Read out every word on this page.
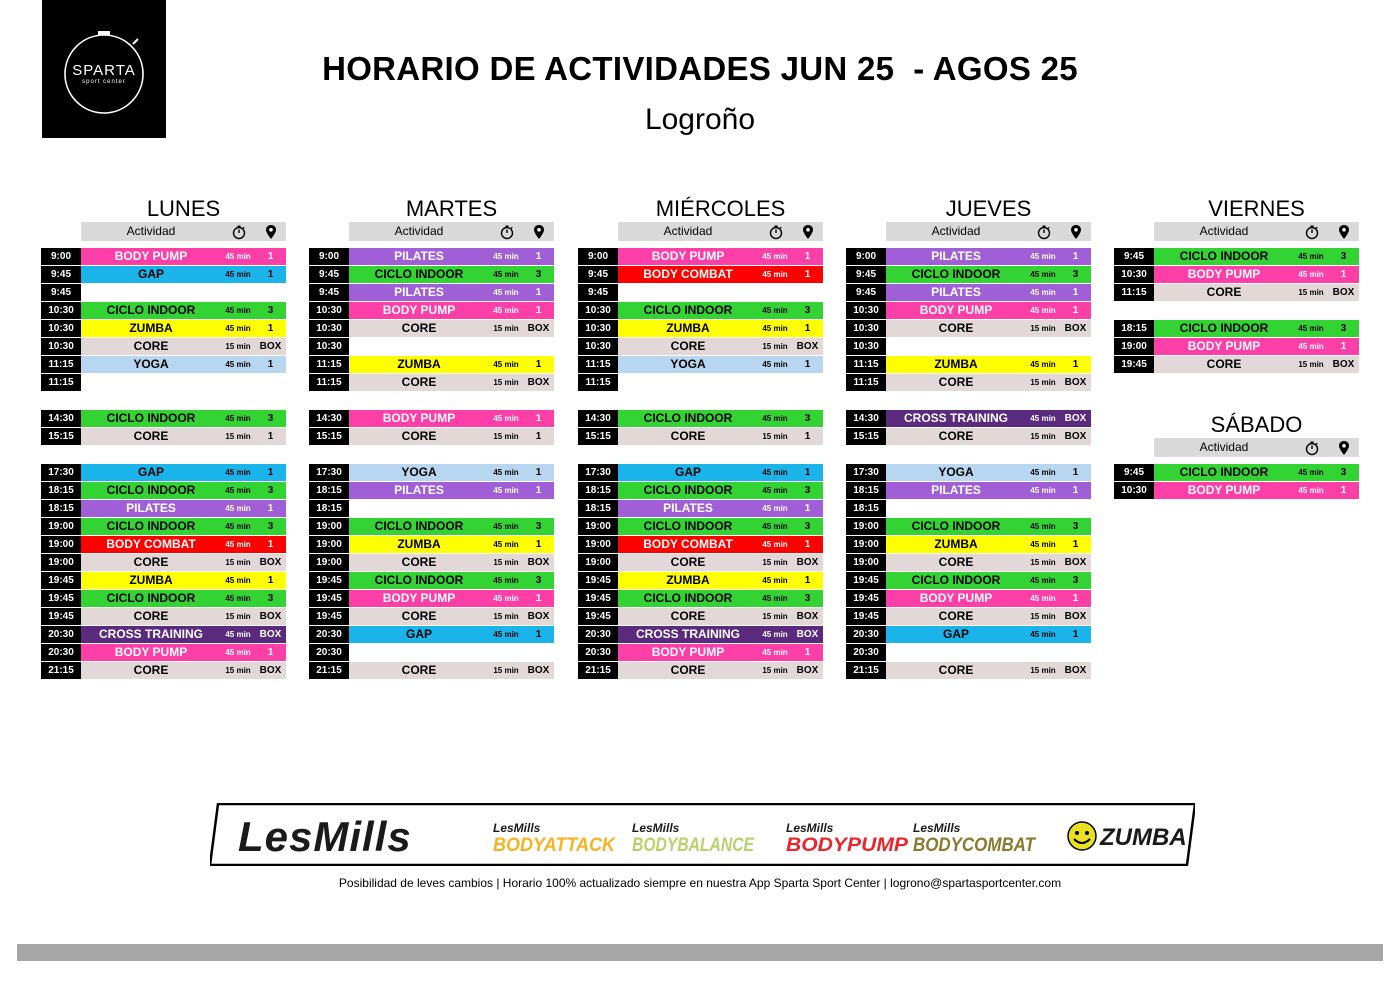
SPARTA
sport center	HORARIO DE ACTIVIDADES JUN 25  - AGOS 25
Logroño
LUNES
Actividad
9:00	BODY PUMP	45 min	1
9:45	GAP	45 min	1
9:45
10:30	CICLO INDOOR	45 min	3
10:30	ZUMBA	45 min	1
10:30	CORE	15 min BOX
11:15	YOGA	45 min	1
11:15
14:30	CICLO INDOOR	45 min	3
15:15	CORE	15 min	1
17:30	GAP	45 min	1
18:15	CICLO INDOOR	45 min	3
18:15	PILATES	45 min	1
19:00	CICLO INDOOR	45 min	3
19:00	BODY COMBAT	45 min	1
19:00	CORE	15 min BOX
19:45	ZUMBA	45 min	1
19:45	CICLO INDOOR	45 min	3
19:45	CORE	15 min BOX
20:30	CROSS TRAINING	45 min BOX
20:30	BODY PUMP	45 min	1
21:15	CORE	15 min BOX
MARTES
Actividad
9:00	PILATES	45 min	1
9:45	CICLO INDOOR	45 min	3
9:45	PILATES	45 min	1
10:30	BODY PUMP	45 min	1
10:30	CORE	15 min BOX
10:30
11:15	ZUMBA	45 min	1
11:15	CORE	15 min BOX
14:30	BODY PUMP	45 min	1
15:15	CORE	15 min	1
17:30	YOGA	45 min	1
18:15	PILATES	45 min	1
18:15
19:00	CICLO INDOOR	45 min	3
19:00	ZUMBA	45 min	1
19:00	CORE	15 min BOX
19:45	CICLO INDOOR	45 min	3
19:45	BODY PUMP	45 min	1
19:45	CORE	15 min BOX
20:30	GAP	45 min	1
20:30
21:15	CORE	15 min BOX
MIÉRCOLES
Actividad
9:00	BODY PUMP	45 min	1
9:45	BODY COMBAT	45 min	1
9:45
10:30	CICLO INDOOR	45 min	3
10:30	ZUMBA	45 min	1
10:30	CORE	15 min BOX
11:15	YOGA	45 min	1
11:15
14:30	CICLO INDOOR	45 min	3
15:15	CORE	15 min	1
17:30	GAP	45 min	1
18:15	CICLO INDOOR	45 min	3
18:15	PILATES	45 min	1
19:00	CICLO INDOOR	45 min	3
19:00	BODY COMBAT	45 min	1
19:00	CORE	15 min BOX
19:45	ZUMBA	45 min	1
19:45	CICLO INDOOR	45 min	3
19:45	CORE	15 min BOX
20:30	CROSS TRAINING	45 min BOX
20:30	BODY PUMP	45 min	1
21:15	CORE	15 min BOX
JUEVES
Actividad
9:00	PILATES	45 min	1
9:45	CICLO INDOOR	45 min	3
9:45	PILATES	45 min	1
10:30	BODY PUMP	45 min	1
10:30	CORE	15 min BOX
10:30
11:15	ZUMBA	45 min	1
11:15	CORE	15 min BOX
14:30	CROSS TRAINING	45 min BOX
15:15	CORE	15 min BOX
17:30	YOGA	45 min	1
18:15	PILATES	45 min	1
18:15
19:00	CICLO INDOOR	45 min	3
19:00	ZUMBA	45 min	1
19:00	CORE	15 min BOX
19:45	CICLO INDOOR	45 min	3
19:45	BODY PUMP	45 min	1
19:45	CORE	15 min BOX
20:30	GAP	45 min	1
20:30
21:15	CORE	15 min BOX
VIERNES
Actividad
9:45	CICLO INDOOR	45 min	3
10:30	BODY PUMP	45 min	1
11:15	CORE	15 min BOX
18:15	CICLO INDOOR	45 min	3
19:00	BODY PUMP	45 min	1
19:45	CORE	15 min BOX
SÁBADO
Actividad
9:45	CICLO INDOOR	45 min	3
10:30	BODY PUMP	45 min	1
LesMills	LesMills
BODYATTACK
LesMills
BODYBALANCE
LesMills
BODYPUMP
LesMills
BODYCOMBAT	ZUMBA
Posibilidad de leves cambios | Horario 100% actualizado siempre en nuestra App Sparta Sport Center | logrono@spartasportcenter.com
